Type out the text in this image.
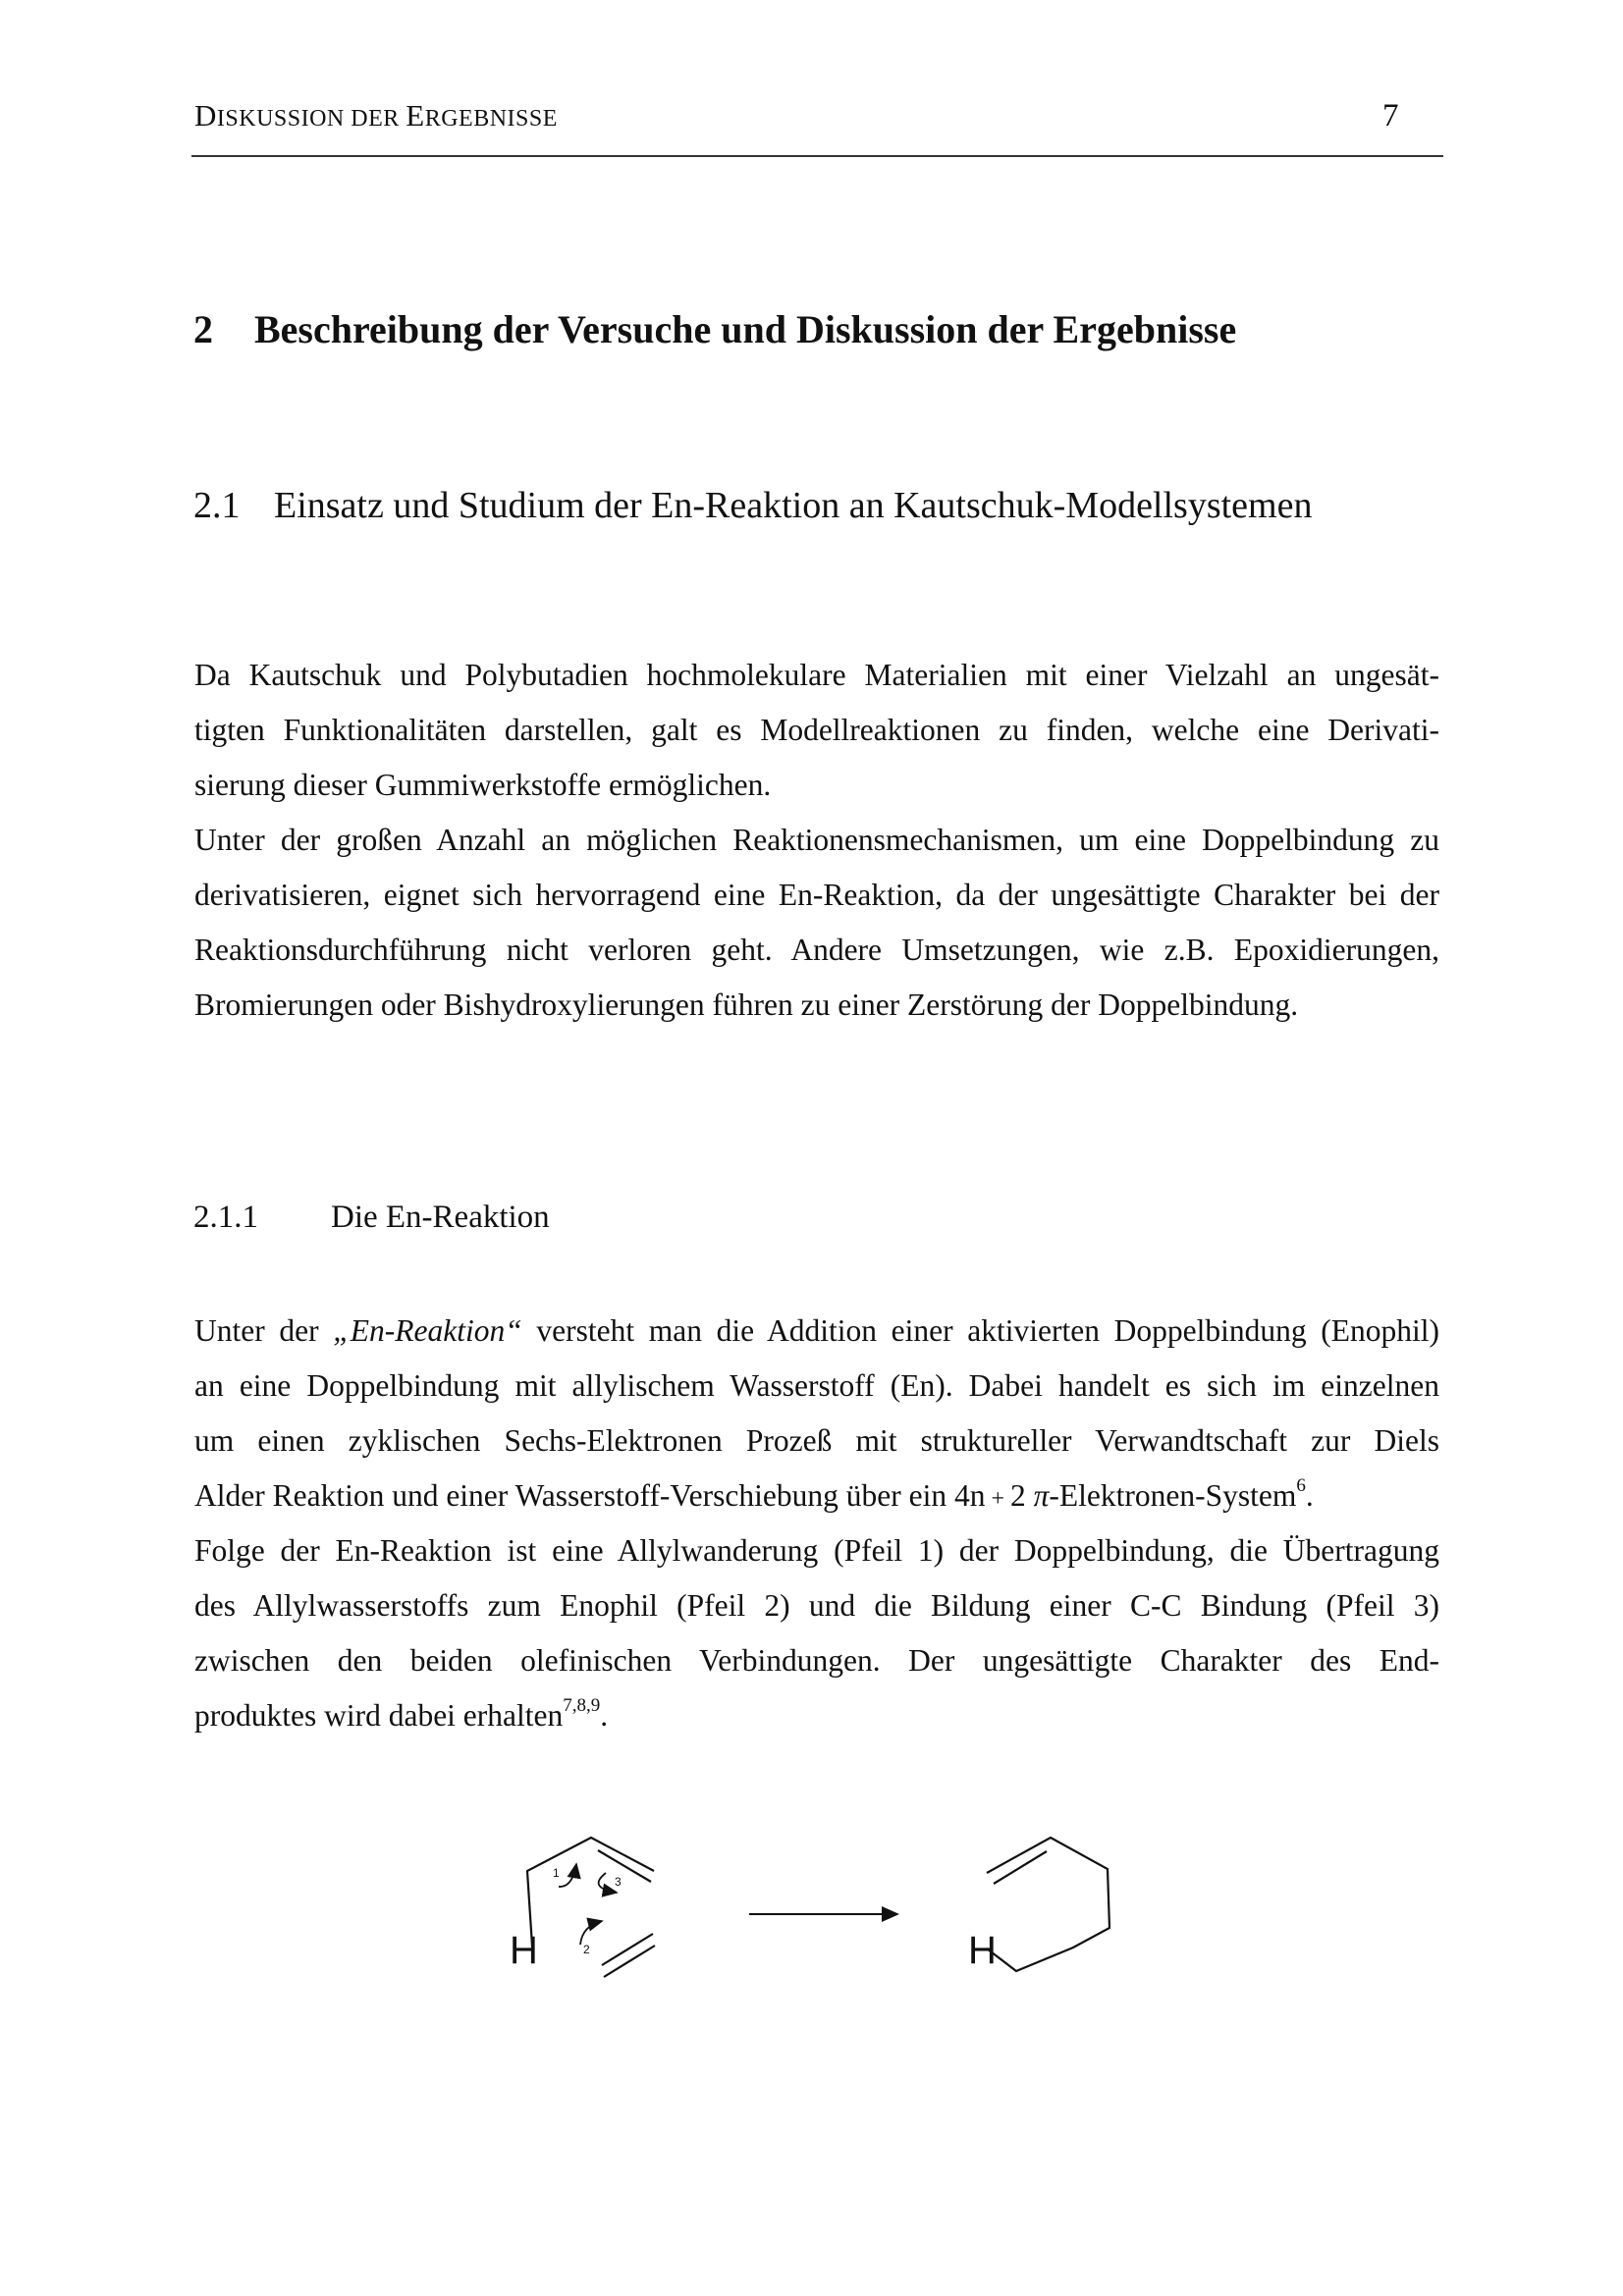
DISKUSSION DER ERGEBNISSE	7
2 Beschreibung der Versuche und Diskussion der Ergebnisse
2.1 Einsatz und Studium der En-Reaktion an Kautschuk-Modellsystemen
Da Kautschuk und Polybutadien hochmolekulare Materialien mit einer Vielzahl an ungesät-
tigten Funktionalitäten darstellen, galt es Modellreaktionen zu finden, welche eine Derivati-
sierung dieser Gummiwerkstoffe ermöglichen.
Unter der großen Anzahl an möglichen Reaktionensmechanismen, um eine Doppelbindung zu
derivatisieren, eignet sich hervorragend eine En-Reaktion, da der ungesättigte Charakter bei der
Reaktionsdurchführung nicht verloren geht. Andere Umsetzungen, wie z.B. Epoxidierungen,
Bromierungen oder Bishydroxylierungen führen zu einer Zerstörung der Doppelbindung.
2.1.1 Die En-Reaktion
Unter der „En-Reaktion“ versteht man die Addition einer aktivierten Doppelbindung (Enophil)
an eine Doppelbindung mit allylischem Wasserstoff (En). Dabei handelt es sich im einzelnen
um einen zyklischen Sechs-Elektronen Prozeß mit struktureller Verwandtschaft zur Diels
Alder Reaktion und einer Wasserstoff-Verschiebung über ein 4n + 2 π-Elektronen-System$^6$.
Folge der En-Reaktion ist eine Allylwanderung (Pfeil 1) der Doppelbindung, die Übertragung
des Allylwasserstoffs zum Enophil (Pfeil 2) und die Bildung einer C-C Bindung (Pfeil 3)
zwischen den beiden olefinischen Verbindungen. Der ungesättigte Charakter des End-
produktes wird dabei erhalten$^{7,8,9}$.
1
3
2
H	H
